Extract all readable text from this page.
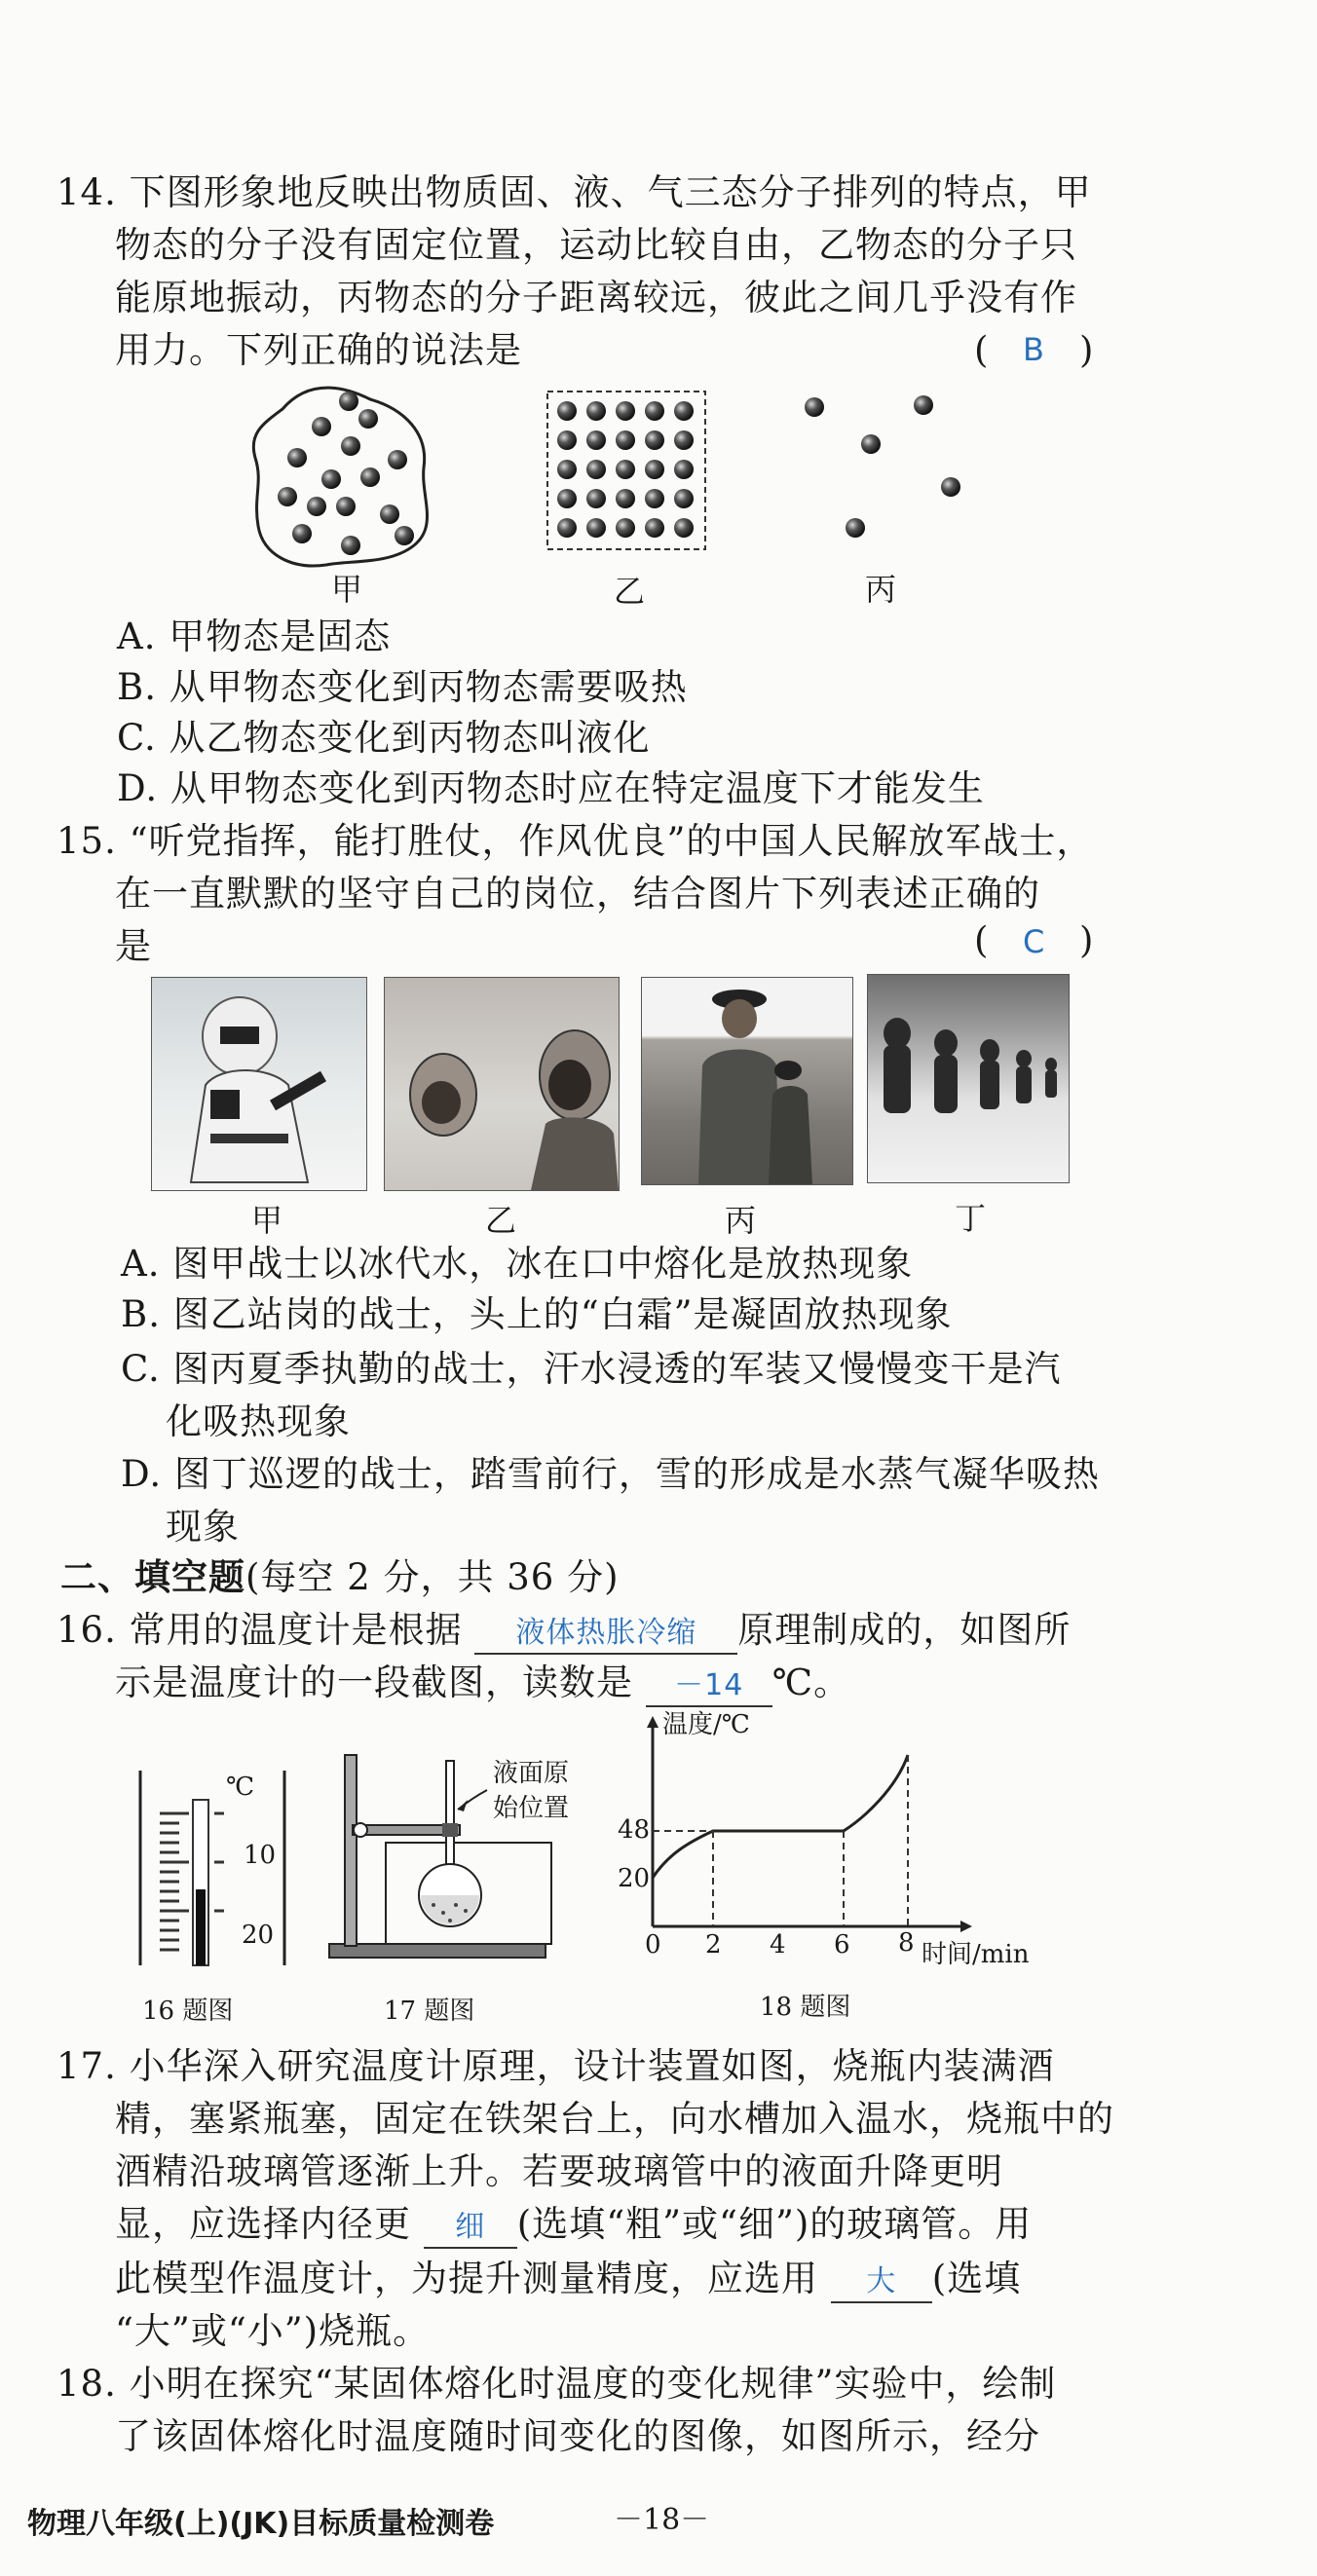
14. 下图形象地反映出物质固、液、气三态分子排列的特点，甲
物态的分子没有固定位置，运动比较自由，乙物态的分子只
能原地振动，丙物态的分子距离较远，彼此之间几乎没有作
用力。下列正确的说法是	( B )
甲	乙	丙
A. 甲物态是固态
B. 从甲物态变化到丙物态需要吸热
C. 从乙物态变化到丙物态叫液化
D. 从甲物态变化到丙物态时应在特定温度下才能发生
15. “听党指挥，能打胜仗，作风优良”的中国人民解放军战士，
在一直默默的坚守自己的岗位，结合图片下列表述正确的
是	( C )
甲	乙	丙	丁
A. 图甲战士以冰代水，冰在口中熔化是放热现象
B. 图乙站岗的战士，头上的“白霜”是凝固放热现象
C. 图丙夏季执勤的战士，汗水浸透的军装又慢慢变干是汽
化吸热现象
D. 图丁巡逻的战士，踏雪前行，雪的形成是水蒸气凝华吸热
现象
二、填空题(每空 2 分，共 36 分)
16. 常用的温度计是根据 液体热胀冷缩 原理制成的，如图所
示是温度计的一段截图，读数是 －14 ℃。
℃
10
20
16 题图
液面原
始位置
17 题图
温度/℃
48
20
0 2 4 6 8 时间/min
18 题图
17. 小华深入研究温度计原理，设计装置如图，烧瓶内装满酒
精，塞紧瓶塞，固定在铁架台上，向水槽加入温水，烧瓶中的
酒精沿玻璃管逐渐上升。若要玻璃管中的液面升降更明
显，应选择内径更 细 (选填“粗”或“细”)的玻璃管。用
此模型作温度计，为提升测量精度，应选用 大 (选填
“大”或“小”)烧瓶。
18. 小明在探究“某固体熔化时温度的变化规律”实验中，绘制
了该固体熔化时温度随时间变化的图像，如图所示，经分
物理八年级(上)(JK)目标质量检测卷	－18－
